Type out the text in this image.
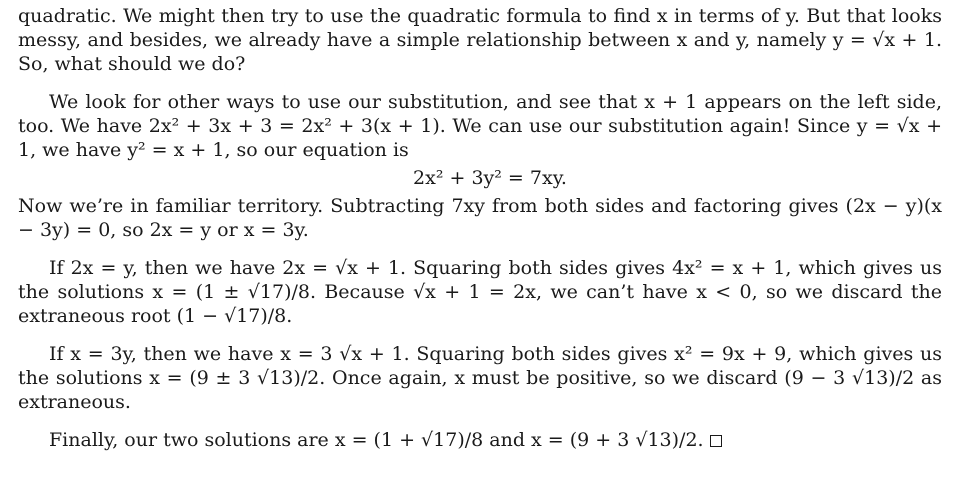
quadratic. We might then try to use the quadratic formula to find x in terms of y. But that looks messy, and besides, we already have a simple relationship between x and y, namely y = √x + 1. So, what should we do?

We look for other ways to use our substitution, and see that x + 1 appears on the left side, too. We have 2x² + 3x + 3 = 2x² + 3(x + 1). We can use our substitution again! Since y = √x + 1, we have y² = x + 1, so our equation is

2x² + 3y² = 7xy.

Now we’re in familiar territory. Subtracting 7xy from both sides and factoring gives (2x − y)(x − 3y) = 0, so 2x = y or x = 3y.

If 2x = y, then we have 2x = √x + 1. Squaring both sides gives 4x² = x + 1, which gives us the solutions x = (1 ± √17)/8. Because √x + 1 = 2x, we can’t have x < 0, so we discard the extraneous root (1 − √17)/8.

If x = 3y, then we have x = 3 √x + 1. Squaring both sides gives x² = 9x + 9, which gives us the solutions x = (9 ± 3 √13)/2. Once again, x must be positive, so we discard (9 − 3 √13)/2 as extraneous.

Finally, our two solutions are x = (1 + √17)/8 and x = (9 + 3 √13)/2.
